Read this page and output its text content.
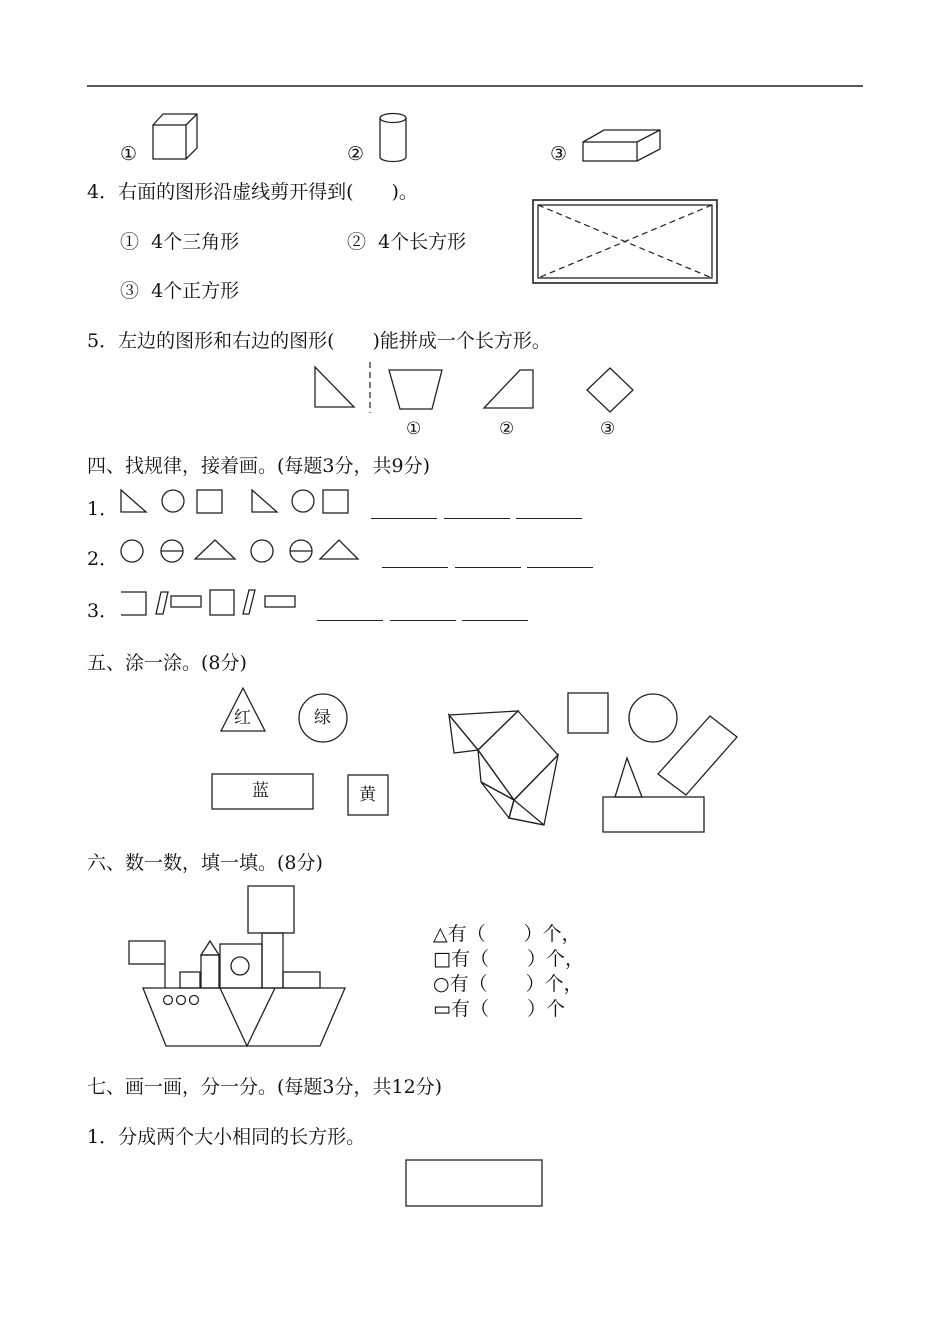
①	②	③
4．右面的图形沿虚线剪开得到(　　)。
①  4个三角形	②  4个长方形
③  4个正方形
5．左边的图形和右边的图形(　　)能拼成一个长方形。
①	②	③
四、找规律，接着画。(每题3分，共9分)
1．
2．
3．
五、涂一涂。(8分)
红	绿
蓝	黄
六、数一数，填一填。(8分)
△有（　　）个，
□有（　　）个，
○有（　　）个，
▭有（　　）个
七、画一画，分一分。(每题3分，共12分)
1．分成两个大小相同的长方形。
